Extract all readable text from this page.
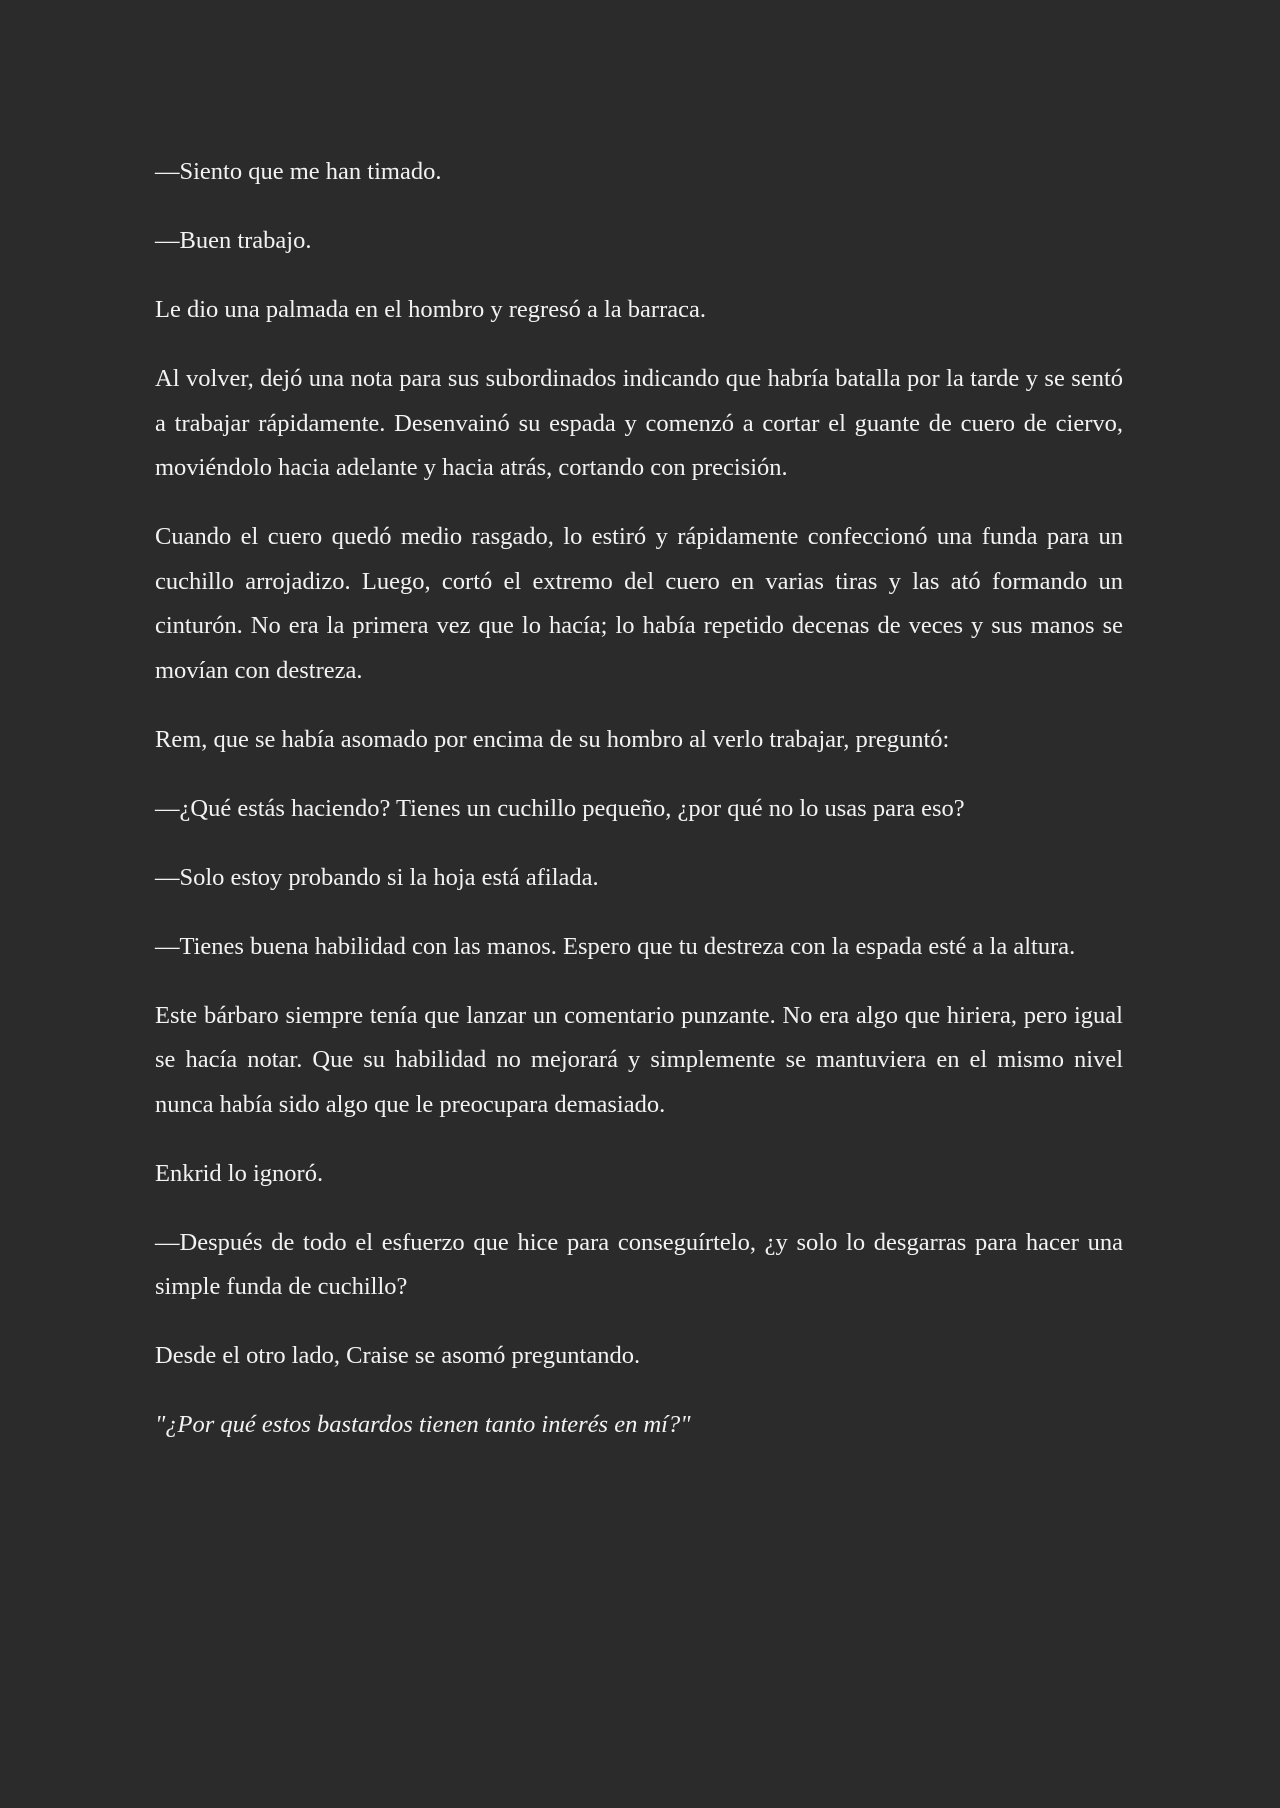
—Siento que me han timado.

—Buen trabajo.

Le dio una palmada en el hombro y regresó a la barraca.

Al volver, dejó una nota para sus subordinados indicando que habría batalla por la tarde y se sentó a trabajar rápidamente. Desenvainó su espada y comenzó a cortar el guante de cuero de ciervo, moviéndolo hacia adelante y hacia atrás, cortando con precisión.

Cuando el cuero quedó medio rasgado, lo estiró y rápidamente confeccionó una funda para un cuchillo arrojadizo. Luego, cortó el extremo del cuero en varias tiras y las ató formando un cinturón. No era la primera vez que lo hacía; lo había repetido decenas de veces y sus manos se movían con destreza.

Rem, que se había asomado por encima de su hombro al verlo trabajar, preguntó:

—¿Qué estás haciendo? Tienes un cuchillo pequeño, ¿por qué no lo usas para eso?

—Solo estoy probando si la hoja está afilada.

—Tienes buena habilidad con las manos. Espero que tu destreza con la espada esté a la altura.

Este bárbaro siempre tenía que lanzar un comentario punzante. No era algo que hiriera, pero igual se hacía notar. Que su habilidad no mejorará y simplemente se mantuviera en el mismo nivel nunca había sido algo que le preocupara demasiado.

Enkrid lo ignoró.

—Después de todo el esfuerzo que hice para conseguírtelo, ¿y solo lo desgarras para hacer una simple funda de cuchillo?

Desde el otro lado, Craise se asomó preguntando.

"¿Por qué estos bastardos tienen tanto interés en mí?"
